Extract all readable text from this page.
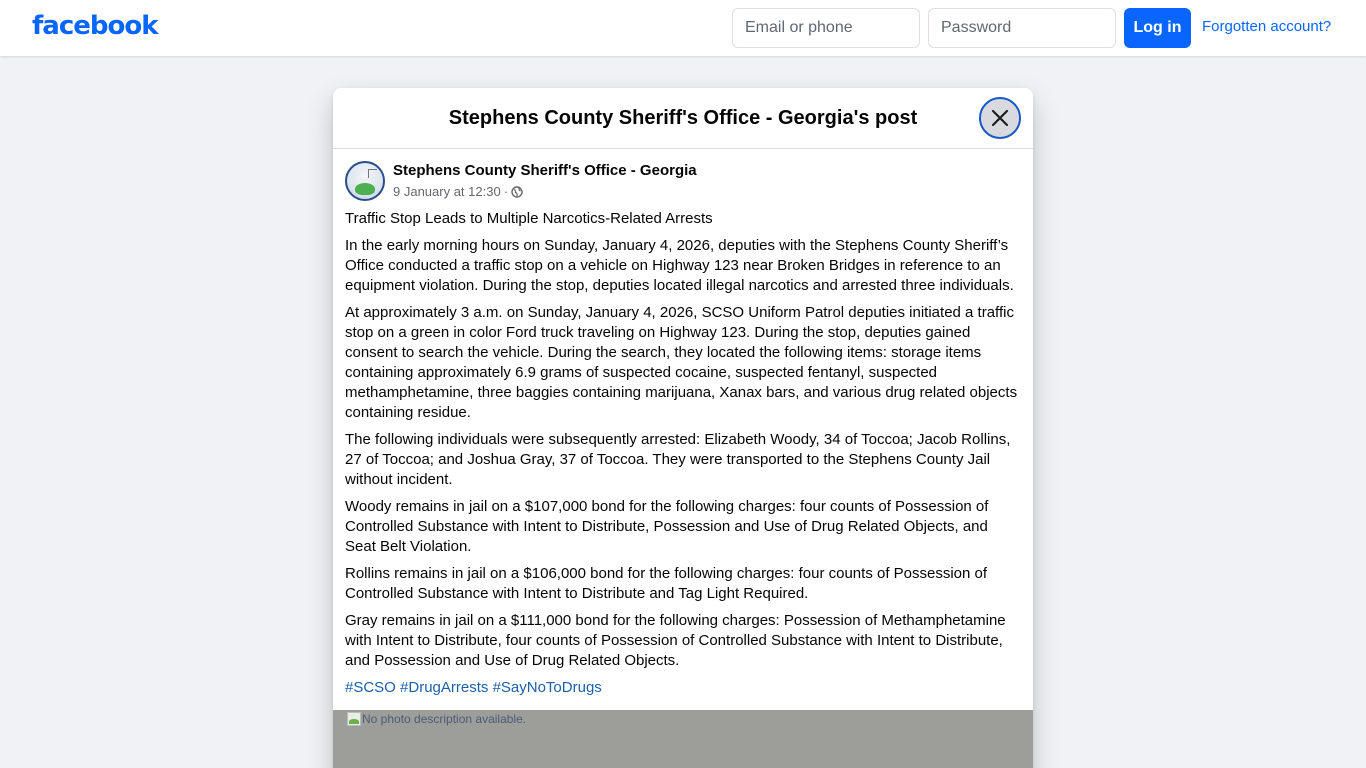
facebook
Email or phone	Log in	Forgotten account?
Stephens County Sheriff's Office - Georgia's post
Stephens County Sheriff's Office - Georgia
9 January at 12:30 ·

Traffic Stop Leads to Multiple Narcotics-Related Arrests

In the early morning hours on Sunday, January 4, 2026, deputies with the Stephens County Sheriff’s Office conducted a traffic stop on a vehicle on Highway 123 near Broken Bridges in reference to an equipment violation. During the stop, deputies located illegal narcotics and arrested three individuals.

At approximately 3 a.m. on Sunday, January 4, 2026, SCSO Uniform Patrol deputies initiated a traffic stop on a green in color Ford truck traveling on Highway 123. During the stop, deputies gained consent to search the vehicle. During the search, they located the following items: storage items containing approximately 6.9 grams of suspected cocaine, suspected fentanyl, suspected methamphetamine, three baggies containing marijuana, Xanax bars, and various drug related objects containing residue.

The following individuals were subsequently arrested: Elizabeth Woody, 34 of Toccoa; Jacob Rollins, 27 of Toccoa; and Joshua Gray, 37 of Toccoa. They were transported to the Stephens County Jail without incident.

Woody remains in jail on a $107,000 bond for the following charges: four counts of Possession of Controlled Substance with Intent to Distribute, Possession and Use of Drug Related Objects, and Seat Belt Violation.

Rollins remains in jail on a $106,000 bond for the following charges: four counts of Possession of Controlled Substance with Intent to Distribute and Tag Light Required.

Gray remains in jail on a $111,000 bond for the following charges: Possession of Methamphetamine with Intent to Distribute, four counts of Possession of Controlled Substance with Intent to Distribute, and Possession and Use of Drug Related Objects.

#SCSO #DrugArrests #SayNoToDrugs

No photo description available.
